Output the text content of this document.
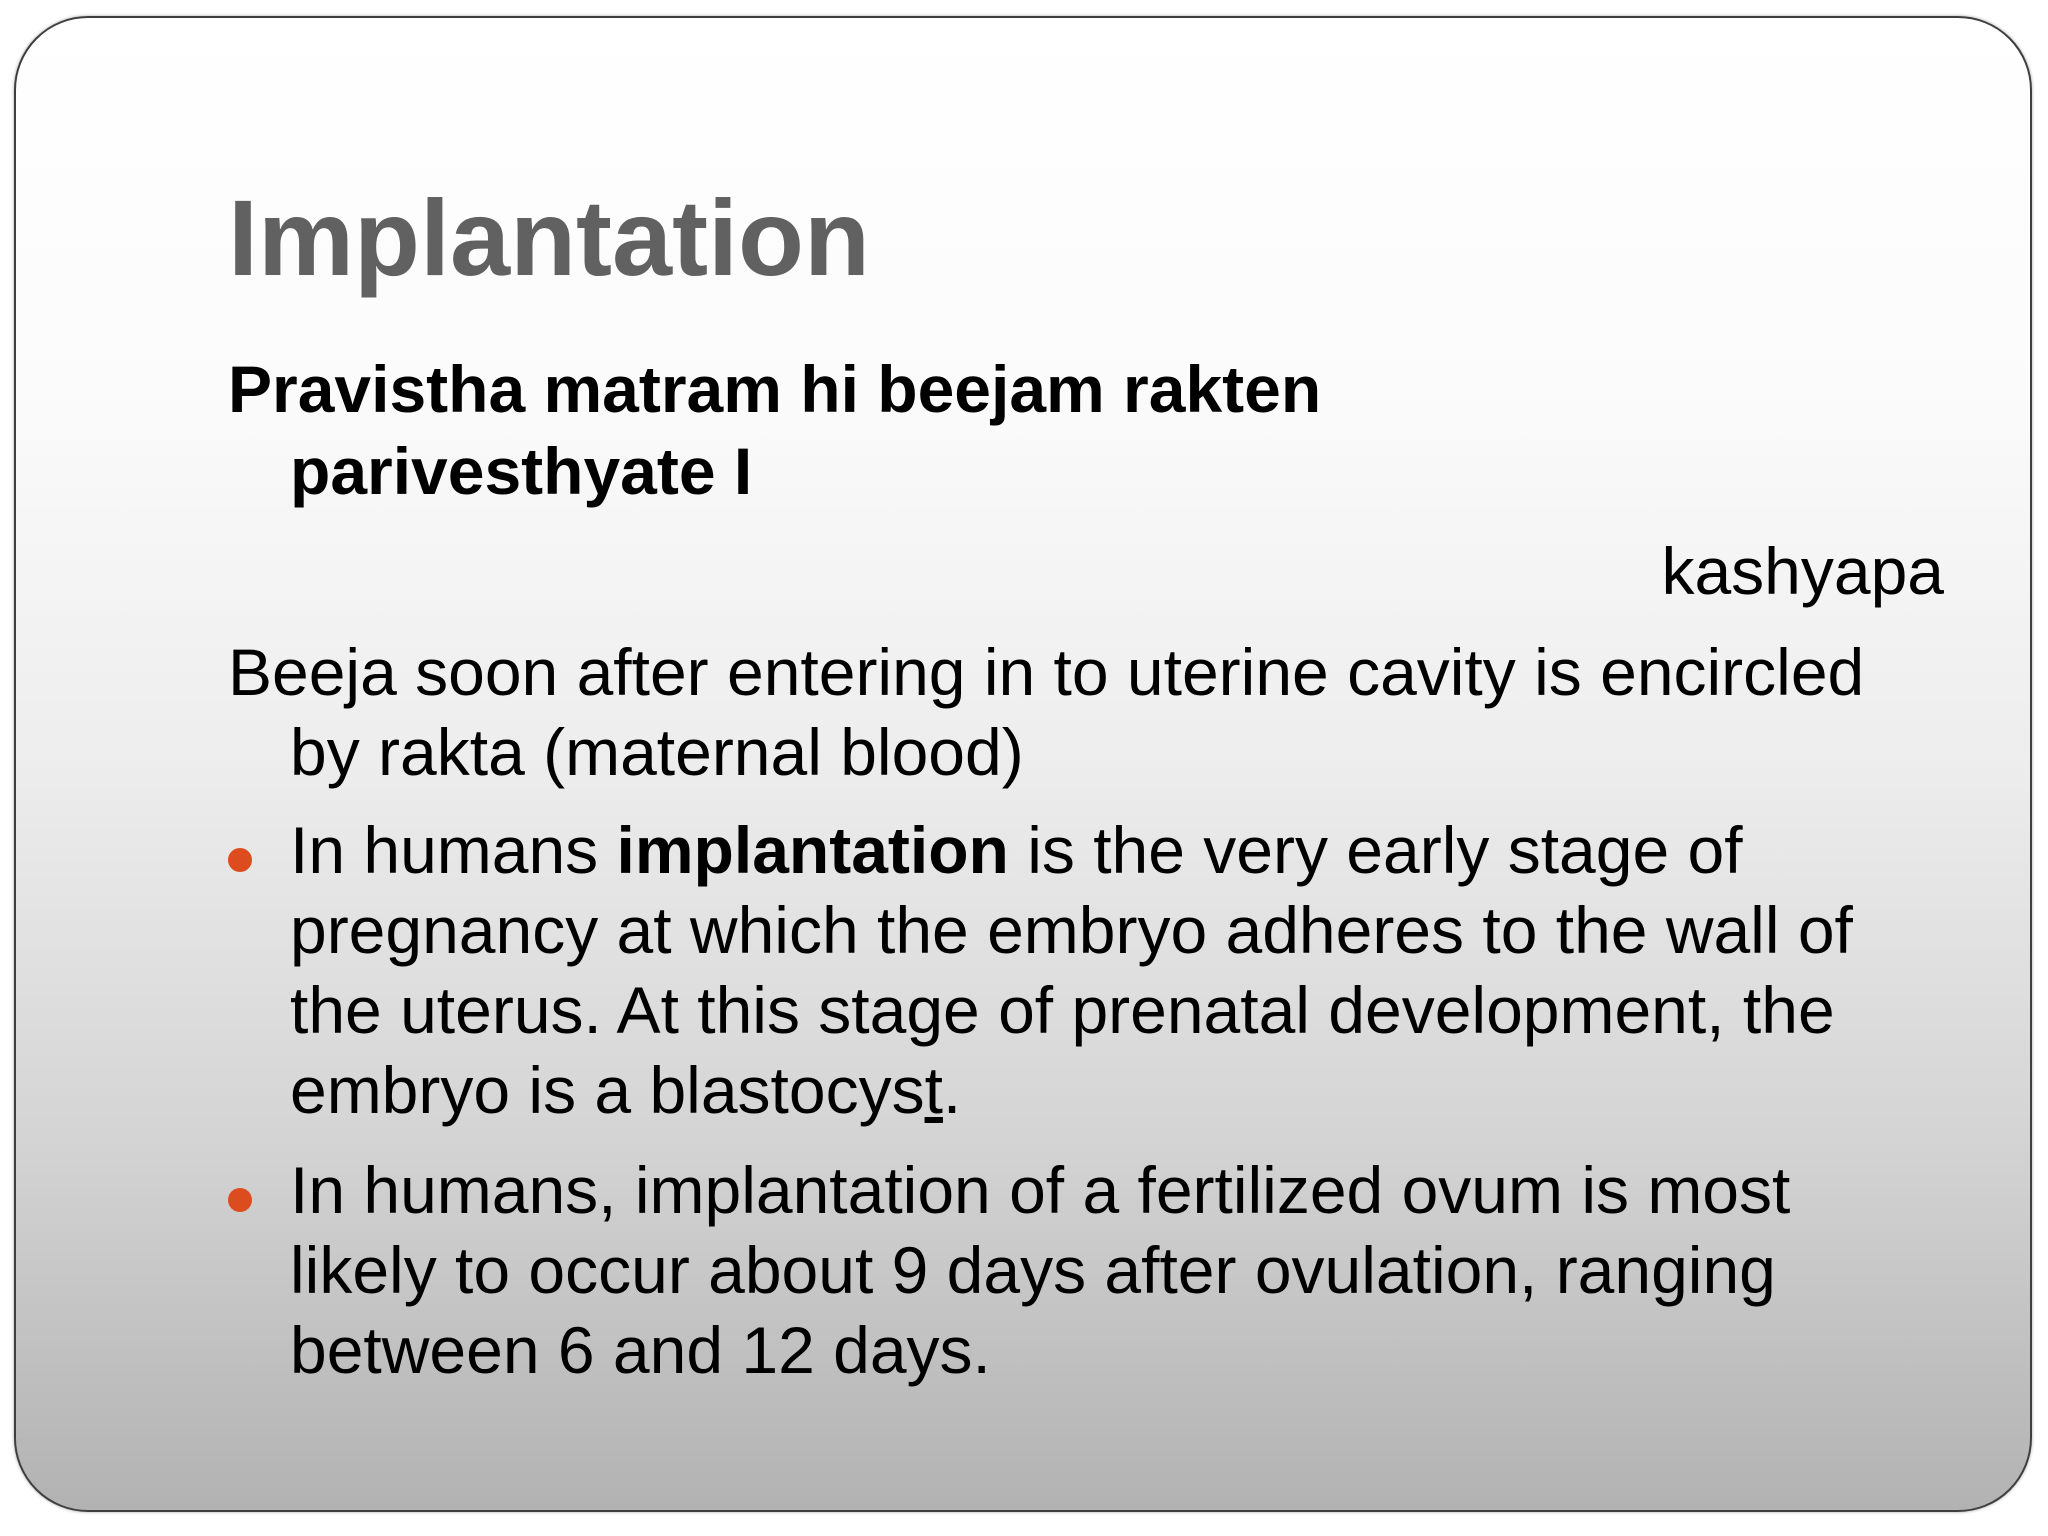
Implantation

Pravistha matram hi beejam rakten
parivesthyate I

kashyapa

Beeja soon after entering in to uterine cavity is encircled by rakta (maternal blood)

In humans implantation is the very early stage of pregnancy at which the embryo adheres to the wall of the uterus. At this stage of prenatal development, the embryo is a blastocyst.
In humans, implantation of a fertilized ovum is most likely to occur about 9 days after ovulation, ranging between 6 and 12 days.
